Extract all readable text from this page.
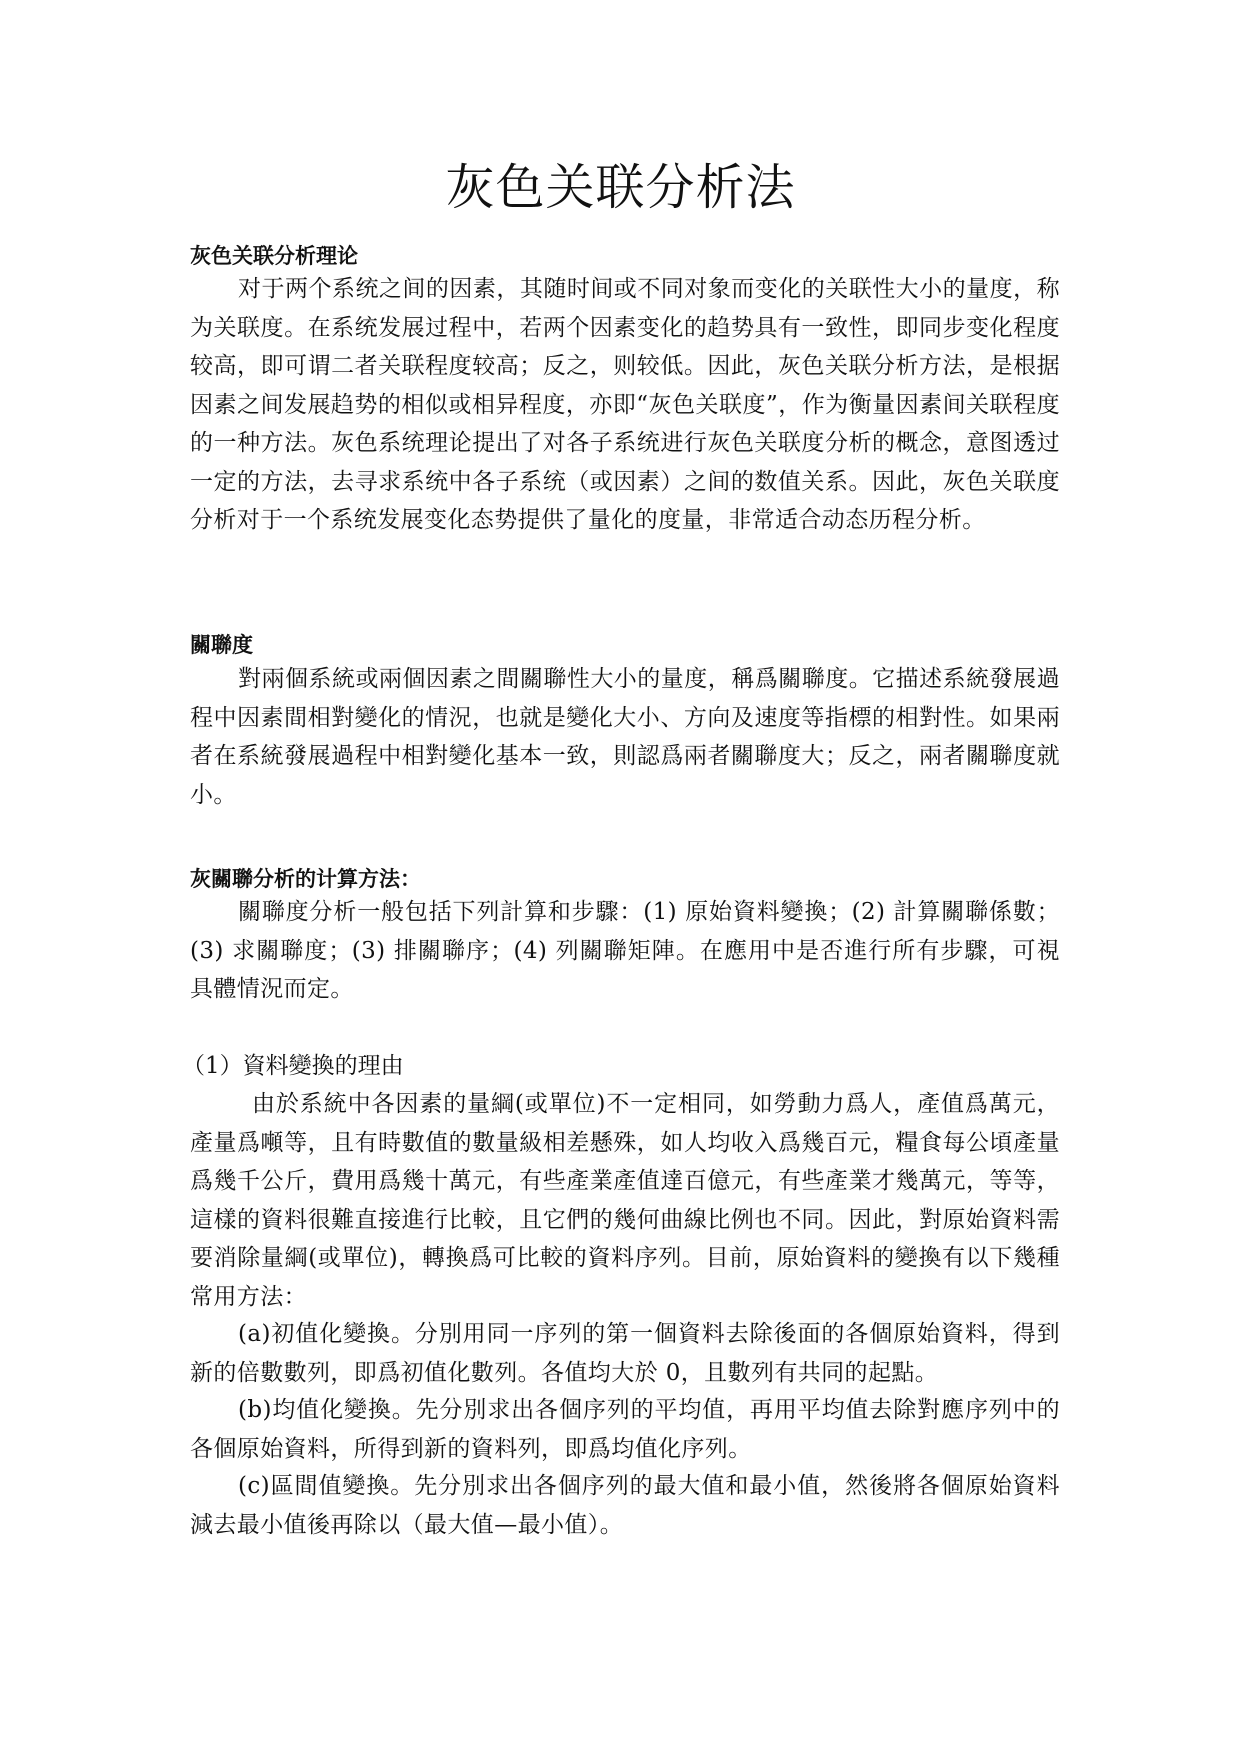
灰色关联分析法
灰色关联分析理论

对于两个系统之间的因素，其随时间或不同对象而变化的关联性大小的量度，称为关联度。在系统发展过程中，若两个因素变化的趋势具有一致性，即同步变化程度较高，即可谓二者关联程度较高；反之，则较低。因此，灰色关联分析方法，是根据因素之间发展趋势的相似或相异程度，亦即“灰色关联度”，作为衡量因素间关联程度的一种方法。灰色系统理论提出了对各子系统进行灰色关联度分析的概念，意图透过一定的方法，去寻求系统中各子系统（或因素）之间的数值关系。因此，灰色关联度分析对于一个系统发展变化态势提供了量化的度量，非常适合动态历程分析。

關聯度

對兩個系統或兩個因素之間關聯性大小的量度，稱爲關聯度。它描述系統發展過程中因素間相對變化的情況，也就是變化大小、方向及速度等指標的相對性。如果兩者在系統發展過程中相對變化基本一致，則認爲兩者關聯度大；反之，兩者關聯度就小。

灰關聯分析的计算方法：

關聯度分析一般包括下列計算和步驟：(1) 原始資料變換；(2) 計算關聯係數；(3) 求關聯度；(3) 排關聯序；(4) 列關聯矩陣。在應用中是否進行所有步驟，可視具體情況而定。

（1）資料變換的理由

由於系統中各因素的量綱(或單位)不一定相同，如勞動力爲人，產值爲萬元，產量爲噸等，且有時數值的數量級相差懸殊，如人均收入爲幾百元，糧食每公頃產量爲幾千公斤，費用爲幾十萬元，有些產業產值達百億元，有些產業才幾萬元，等等，這樣的資料很難直接進行比較，且它們的幾何曲線比例也不同。因此，對原始資料需要消除量綱(或單位)，轉換爲可比較的資料序列。目前，原始資料的變換有以下幾種常用方法：

(a)初值化變換。分別用同一序列的第一個資料去除後面的各個原始資料，得到新的倍數數列，即爲初值化數列。各值均大於 0，且數列有共同的起點。

(b)均值化變換。先分別求出各個序列的平均值，再用平均值去除對應序列中的各個原始資料，所得到新的資料列，即爲均值化序列。

(c)區間值變換。先分別求出各個序列的最大值和最小值，然後將各個原始資料減去最小值後再除以（最大值—最小值）。
